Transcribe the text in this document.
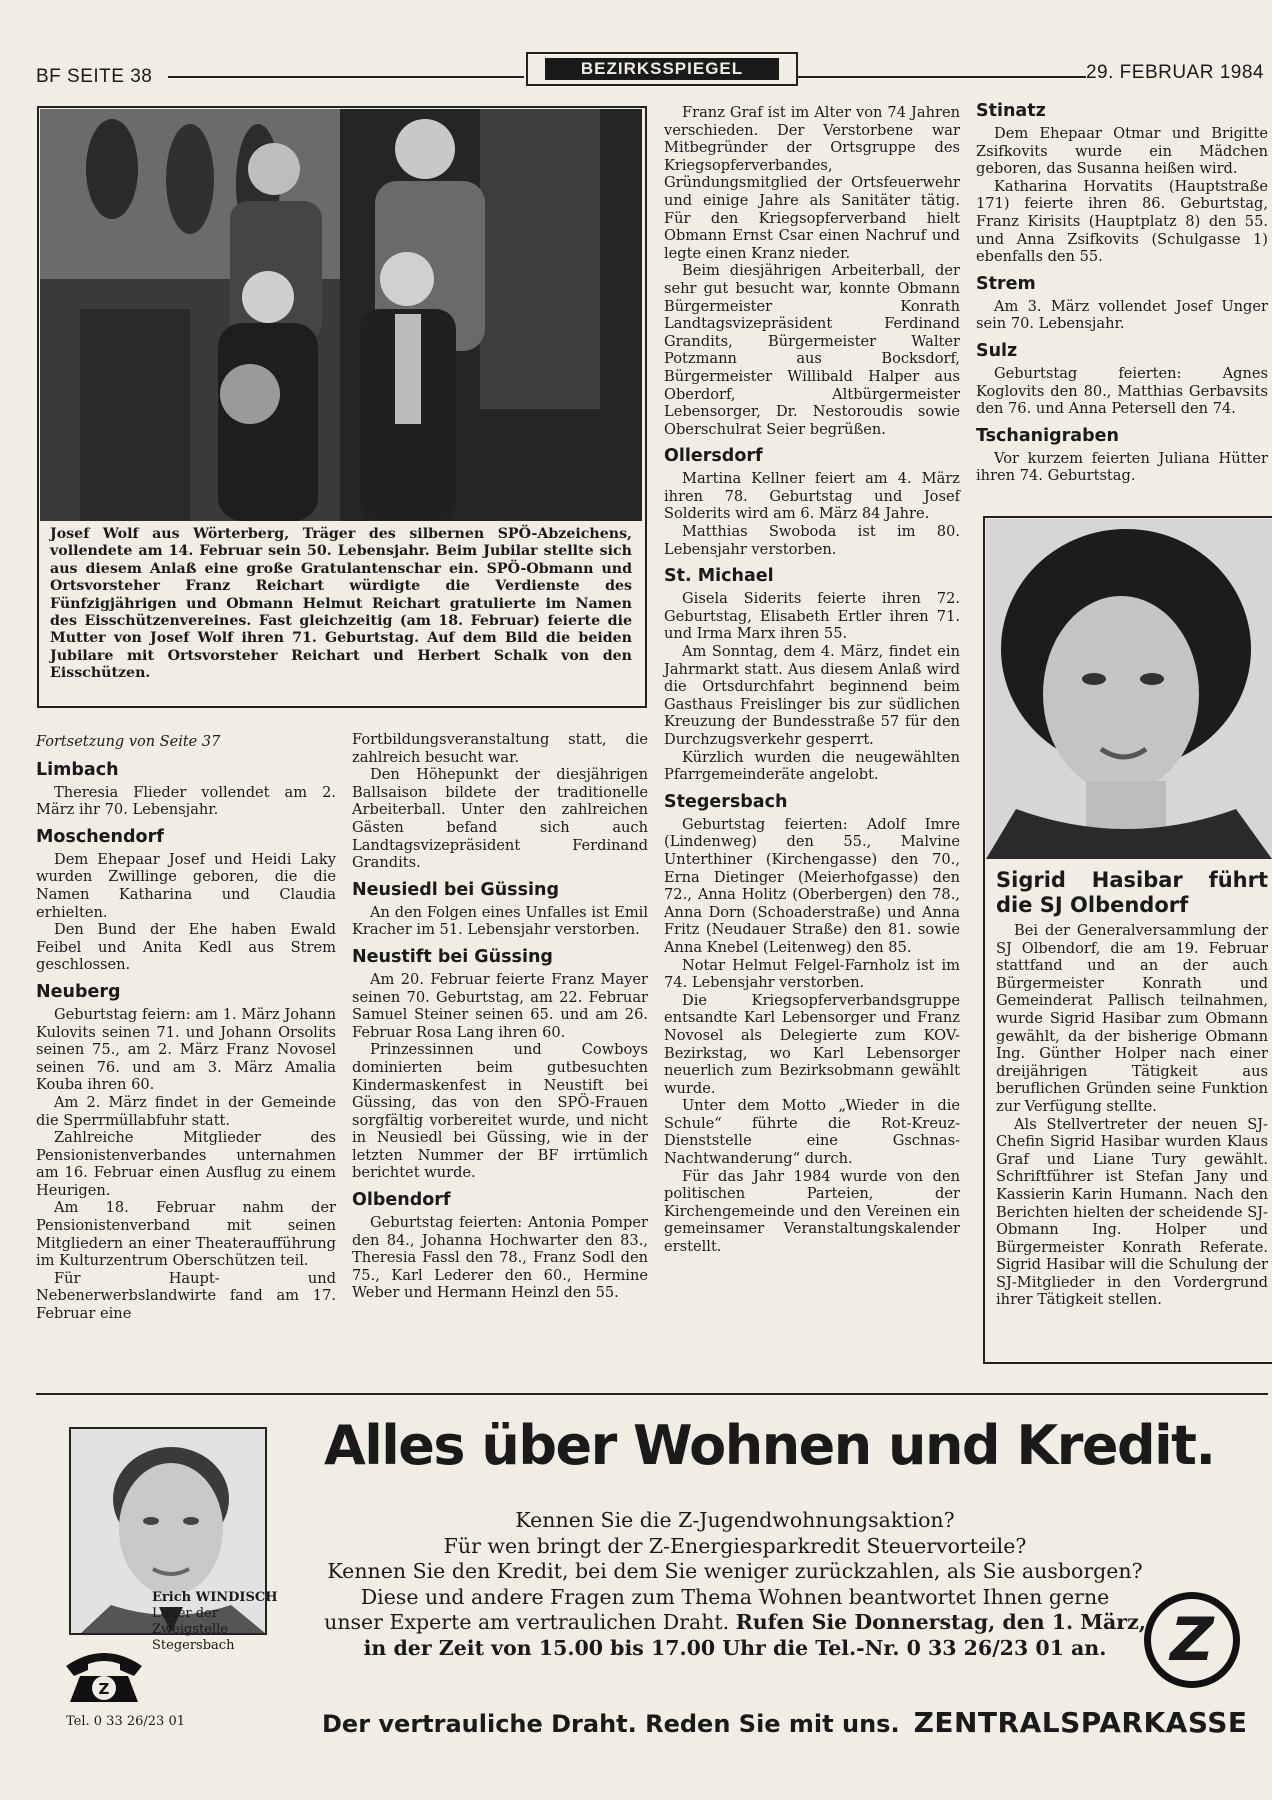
BF SEITE 38	BEZIRKSSPIEGEL	29. FEBRUAR 1984
Josef Wolf aus Wörterberg, Träger des silbernen SPÖ-Abzeichens, vollendete am 14. Februar sein 50. Lebensjahr. Beim Jubilar stellte sich aus diesem Anlaß eine große Gratulantenschar ein. SPÖ-Obmann und Ortsvorsteher Franz Reichart würdigte die Verdienste des Fünfzigjährigen und Obmann Helmut Reichart gratulierte im Namen des Eisschützenvereines. Fast gleichzeitig (am 18. Februar) feierte die Mutter von Josef Wolf ihren 71. Geburtstag. Auf dem Bild die beiden Jubilare mit Ortsvorsteher Reichart und Herbert Schalk von den Eisschützen.

Fortsetzung von Seite 37

Limbach

Theresia Flieder vollendet am 2. März ihr 70. Lebensjahr.

Moschendorf

Dem Ehepaar Josef und Heidi Laky wurden Zwillinge geboren, die die Namen Katharina und Claudia erhielten.

Den Bund der Ehe haben Ewald Feibel und Anita Kedl aus Strem geschlossen.

Neuberg

Geburtstag feiern: am 1. März Johann Kulovits seinen 71. und Johann Orsolits seinen 75., am 2. März Franz Novosel seinen 76. und am 3. März Amalia Kouba ihren 60.

Am 2. März findet in der Gemeinde die Sperrmüllabfuhr statt.

Zahlreiche Mitglieder des Pensionistenverbandes unternahmen am 16. Februar einen Ausflug zu einem Heurigen.

Am 18. Februar nahm der Pensionistenverband mit seinen Mitgliedern an einer Theateraufführung im Kulturzentrum Oberschützen teil.

Für Haupt- und Nebenerwerbslandwirte fand am 17. Februar eine

Fortbildungsveranstaltung statt, die zahlreich besucht war.

Den Höhepunkt der diesjährigen Ballsaison bildete der traditionelle Arbeiterball. Unter den zahlreichen Gästen befand sich auch Landtagsvizepräsident Ferdinand Grandits.

Neusiedl bei Güssing

An den Folgen eines Unfalles ist Emil Kracher im 51. Lebensjahr verstorben.

Neustift bei Güssing

Am 20. Februar feierte Franz Mayer seinen 70. Geburtstag, am 22. Februar Samuel Steiner seinen 65. und am 26. Februar Rosa Lang ihren 60.

Prinzessinnen und Cowboys dominierten beim gutbesuchten Kindermaskenfest in Neustift bei Güssing, das von den SPÖ-Frauen sorgfältig vorbereitet wurde, und nicht in Neusiedl bei Güssing, wie in der letzten Nummer der BF irrtümlich berichtet wurde.

Olbendorf

Geburtstag feierten: Antonia Pomper den 84., Johanna Hochwarter den 83., Theresia Fassl den 78., Franz Sodl den 75., Karl Lederer den 60., Hermine Weber und Hermann Heinzl den 55.

Franz Graf ist im Alter von 74 Jahren verschieden. Der Verstorbene war Mitbegründer der Ortsgruppe des Kriegsopferverbandes, Gründungsmitglied der Ortsfeuerwehr und einige Jahre als Sanitäter tätig. Für den Kriegsopferverband hielt Obmann Ernst Csar einen Nachruf und legte einen Kranz nieder.

Beim diesjährigen Arbeiterball, der sehr gut besucht war, konnte Obmann Bürgermeister Konrath Landtagsvizepräsident Ferdinand Grandits, Bürgermeister Walter Potzmann aus Bocksdorf, Bürgermeister Willibald Halper aus Oberdorf, Altbürgermeister Lebensorger, Dr. Nestoroudis sowie Oberschulrat Seier begrüßen.

Ollersdorf

Martina Kellner feiert am 4. März ihren 78. Geburtstag und Josef Solderits wird am 6. März 84 Jahre.

Matthias Swoboda ist im 80. Lebensjahr verstorben.

St. Michael

Gisela Siderits feierte ihren 72. Geburtstag, Elisabeth Ertler ihren 71. und Irma Marx ihren 55.

Am Sonntag, dem 4. März, findet ein Jahrmarkt statt. Aus diesem Anlaß wird die Ortsdurchfahrt beginnend beim Gasthaus Freislinger bis zur südlichen Kreuzung der Bundesstraße 57 für den Durchzugsverkehr gesperrt.

Kürzlich wurden die neugewählten Pfarrgemeinderäte angelobt.

Stegersbach

Geburtstag feierten: Adolf Imre (Lindenweg) den 55., Malvine Unterthiner (Kirchengasse) den 70., Erna Dietinger (Meierhofgasse) den 72., Anna Holitz (Oberbergen) den 78., Anna Dorn (Schoaderstraße) und Anna Fritz (Neudauer Straße) den 81. sowie Anna Knebel (Leitenweg) den 85.

Notar Helmut Felgel-Farnholz ist im 74. Lebensjahr verstorben.

Die Kriegsopferverbandsgruppe entsandte Karl Lebensorger und Franz Novosel als Delegierte zum KOV-Bezirkstag, wo Karl Lebensorger neuerlich zum Bezirksobmann gewählt wurde.

Unter dem Motto „Wieder in die Schule“ führte die Rot-Kreuz-Dienststelle eine Gschnas-Nachtwanderung“ durch.

Für das Jahr 1984 wurde von den politischen Parteien, der Kirchengemeinde und den Vereinen ein gemeinsamer Veranstaltungskalender erstellt.

Stinatz

Dem Ehepaar Otmar und Brigitte Zsifkovits wurde ein Mädchen geboren, das Susanna heißen wird.

Katharina Horvatits (Hauptstraße 171) feierte ihren 86. Geburtstag, Franz Kirisits (Hauptplatz 8) den 55. und Anna Zsifkovits (Schulgasse 1) ebenfalls den 55.

Strem

Am 3. März vollendet Josef Unger sein 70. Lebensjahr.

Sulz

Geburtstag feierten: Agnes Koglovits den 80., Matthias Gerbavsits den 76. und Anna Petersell den 74.

Tschanigraben

Vor kurzem feierten Juliana Hütter ihren 74. Geburtstag.

Sigrid Hasibar führt die SJ Olbendorf

Bei der Generalversammlung der SJ Olbendorf, die am 19. Februar stattfand und an der auch Bürgermeister Konrath und Gemeinderat Pallisch teilnahmen, wurde Sigrid Hasibar zum Obmann gewählt, da der bisherige Obmann Ing. Günther Holper nach einer dreijährigen Tätigkeit aus beruflichen Gründen seine Funktion zur Verfügung stellte.

Als Stellvertreter der neuen SJ-Chefin Sigrid Hasibar wurden Klaus Graf und Liane Tury gewählt. Schriftführer ist Stefan Jany und Kassierin Karin Humann. Nach den Berichten hielten der scheidende SJ-Obmann Ing. Holper und Bürgermeister Konrath Referate. Sigrid Hasibar will die Schulung der SJ-Mitglieder in den Vordergrund ihrer Tätigkeit stellen.

Alles über Wohnen und Kredit.
Kennen Sie die Z-Jugendwohnungsaktion?
Für wen bringt der Z-Energiesparkredit Steuervorteile?
Kennen Sie den Kredit, bei dem Sie weniger zurückzahlen, als Sie ausborgen?
Diese und andere Fragen zum Thema Wohnen beantwortet Ihnen gerne
unser Experte am vertraulichen Draht. Rufen Sie Donnerstag, den 1. März,
in der Zeit von 15.00 bis 17.00 Uhr die Tel.-Nr. 0 33 26/23 01 an.	Z
Z
Erich WINDISCH
Leiter der
Zweigstelle
Stegersbach
Tel. 0 33 26/23 01	Der vertrauliche Draht. Reden Sie mit uns. ZENTRALSPARKASSE
